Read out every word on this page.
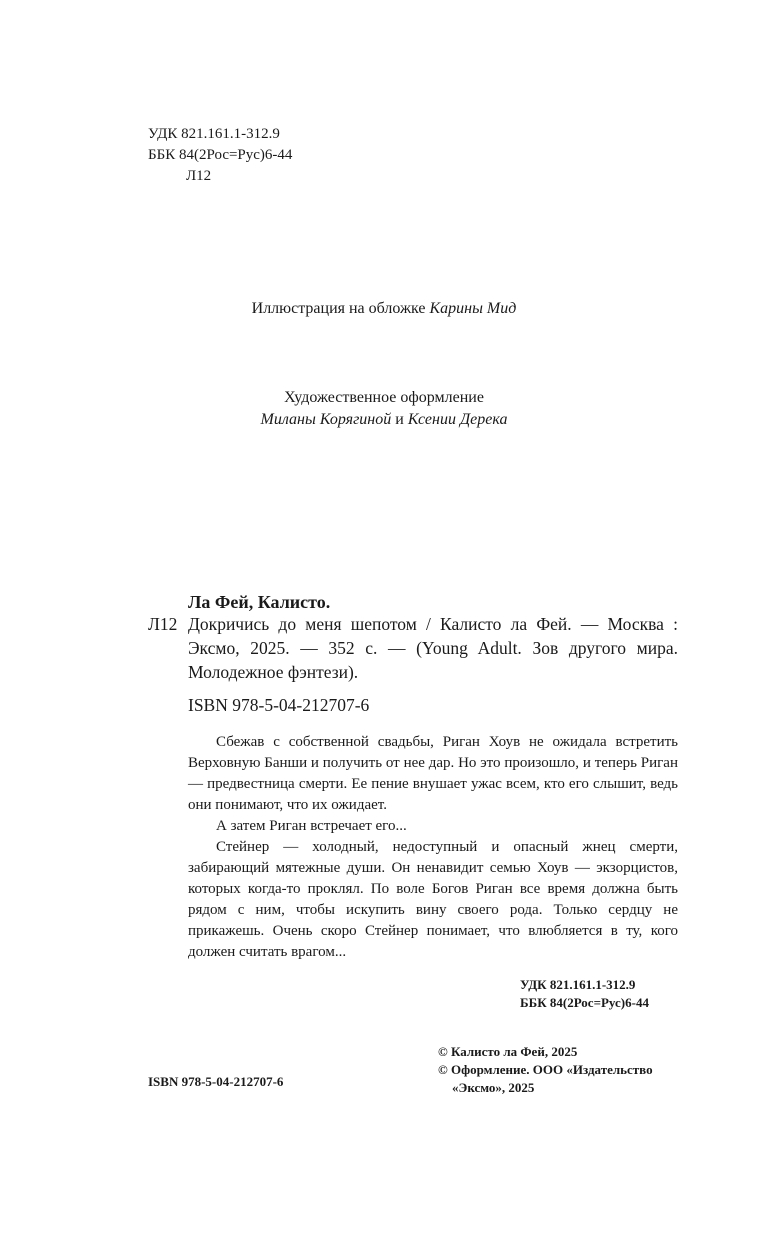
УДК 821.161.1-312.9
ББК 84(2Рос=Рус)6-44
Л12
Иллюстрация на обложке Карины Мид
Художественное оформление
Миланы Корягиной и Ксении Дерека
Ла Фей, Калисто.
Л12 Докричись до меня шепотом / Калисто ла Фей. — Москва : Эксмо, 2025. — 352 с. — (Young Adult. Зов другого мира. Молодежное фэнтези).
ISBN 978-5-04-212707-6

Сбежав с собственной свадьбы, Риган Хоув не ожидала встретить Верховную Банши и получить от нее дар. Но это произошло, и теперь Риган — предвестница смерти. Ее пение внушает ужас всем, кто его слышит, ведь они понимают, что их ожидает.

А затем Риган встречает его...

Стейнер — холодный, недоступный и опасный жнец смерти, забирающий мятежные души. Он ненавидит семью Хоув — экзорцистов, которых когда-то проклял. По воле Богов Риган все время должна быть рядом с ним, чтобы искупить вину своего рода. Только сердцу не прикажешь. Очень скоро Стейнер понимает, что влюбляется в ту, кого должен считать врагом...

УДК 821.161.1-312.9
ББК 84(2Рос=Рус)6-44
© Калисто ла Фей, 2025
© Оформление. ООО «Издательство
«Эксмо», 2025
ISBN 978-5-04-212707-6
